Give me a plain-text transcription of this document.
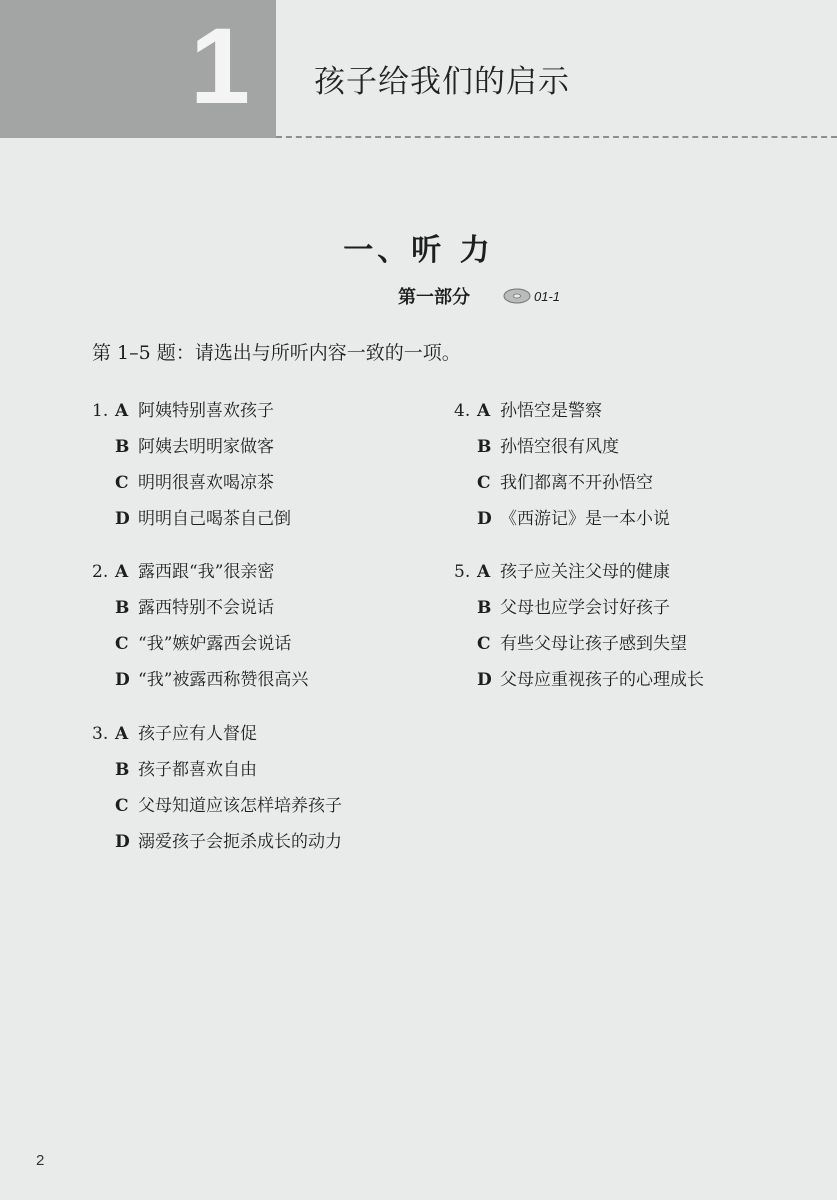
1 孩子给我们的启示
一、听 力
第一部分	01-1
第 1–5 题：请选出与所听内容一致的一项。
1. A 阿姨特别喜欢孩子
B 阿姨去明明家做客
C 明明很喜欢喝凉茶
D 明明自己喝茶自己倒
2. A 露西跟“我”很亲密
B 露西特别不会说话
C “我”嫉妒露西会说话
D “我”被露西称赞很高兴
3. A 孩子应有人督促
B 孩子都喜欢自由
C 父母知道应该怎样培养孩子
D 溺爱孩子会扼杀成长的动力
4. A 孙悟空是警察
B 孙悟空很有风度
C 我们都离不开孙悟空
D 《西游记》是一本小说
5. A 孩子应关注父母的健康
B 父母也应学会讨好孩子
C 有些父母让孩子感到失望
D 父母应重视孩子的心理成长
2
